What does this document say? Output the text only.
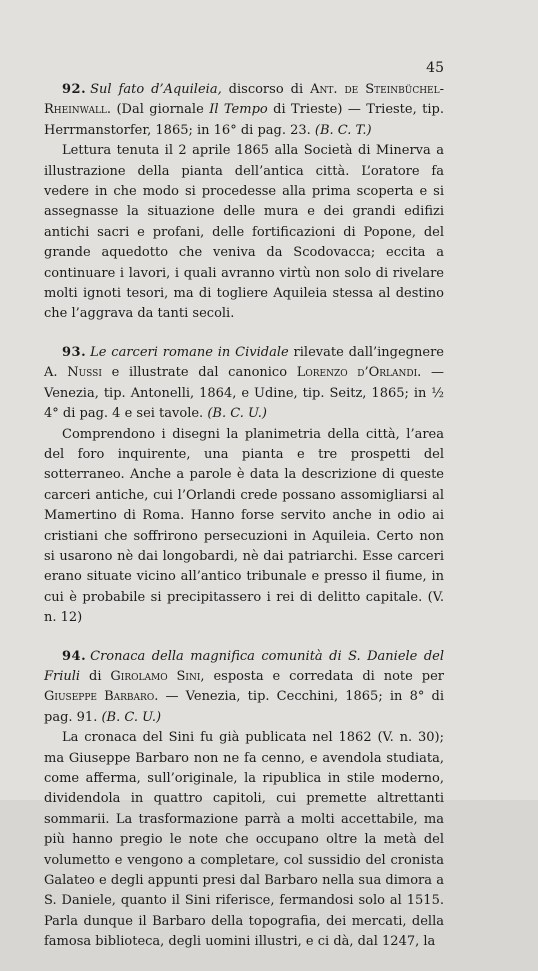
45

92. Sul fato d’Aquileia, discorso di Ant. de Steinbüchel-Rheinwall. (Dal giornale Il Tempo di Trieste) — Trieste, tip. Herrmanstorfer, 1865; in 16° di pag. 23. (B. C. T.)

Lettura tenuta il 2 aprile 1865 alla Società di Minerva a illustrazione della pianta dell’antica città. L’oratore fa vedere in che modo si procedesse alla prima scoperta e si assegnasse la situazione delle mura e dei grandi edifizi antichi sacri e profani, delle fortificazioni di Popone, del grande aquedotto che veniva da Scodovacca; eccita a continuare i lavori, i quali avranno virtù non solo di rivelare molti ignoti tesori, ma di togliere Aquileia stessa al destino che l’aggrava da tanti secoli.

93. Le carceri romane in Cividale rilevate dall’ingegnere A. Nussi e illustrate dal canonico Lorenzo d’Orlandi. — Venezia, tip. Antonelli, 1864, e Udine, tip. Seitz, 1865; in ½ 4° di pag. 4 e sei tavole. (B. C. U.)

Comprendono i disegni la planimetria della città, l’area del foro inquirente, una pianta e tre prospetti del sotterraneo. Anche a parole è data la descrizione di queste carceri antiche, cui l’Orlandi crede possano assomigliarsi al Mamertino di Roma. Hanno forse servito anche in odio ai cristiani che soffrirono persecuzioni in Aquileia. Certo non si usarono nè dai longobardi, nè dai patriarchi. Esse carceri erano situate vicino all’antico tribunale e presso il fiume, in cui è probabile si precipitassero i rei di delitto capitale. (V. n. 12)

94. Cronaca della magnifica comunità di S. Daniele del Friuli di Girolamo Sini, esposta e corredata di note per Giuseppe Barbaro. — Venezia, tip. Cecchini, 1865; in 8° di pag. 91. (B. C. U.)

La cronaca del Sini fu già publicata nel 1862 (V. n. 30); ma Giuseppe Barbaro non ne fa cenno, e avendola studiata, come afferma, sull’originale, la ripublica in stile moderno, dividendola in quattro capitoli, cui premette altrettanti sommarii. La trasformazione parrà a molti accettabile, ma più hanno pregio le note che occupano oltre la metà del volumetto e vengono a completare, col sussidio del cronista Galateo e degli appunti presi dal Barbaro nella sua dimora a S. Daniele, quanto il Sini riferisce, fermandosi solo al 1515. Parla dunque il Barbaro della topografia, dei mercati, della famosa biblioteca, degli uomini illustri, e ci dà, dal 1247, la
